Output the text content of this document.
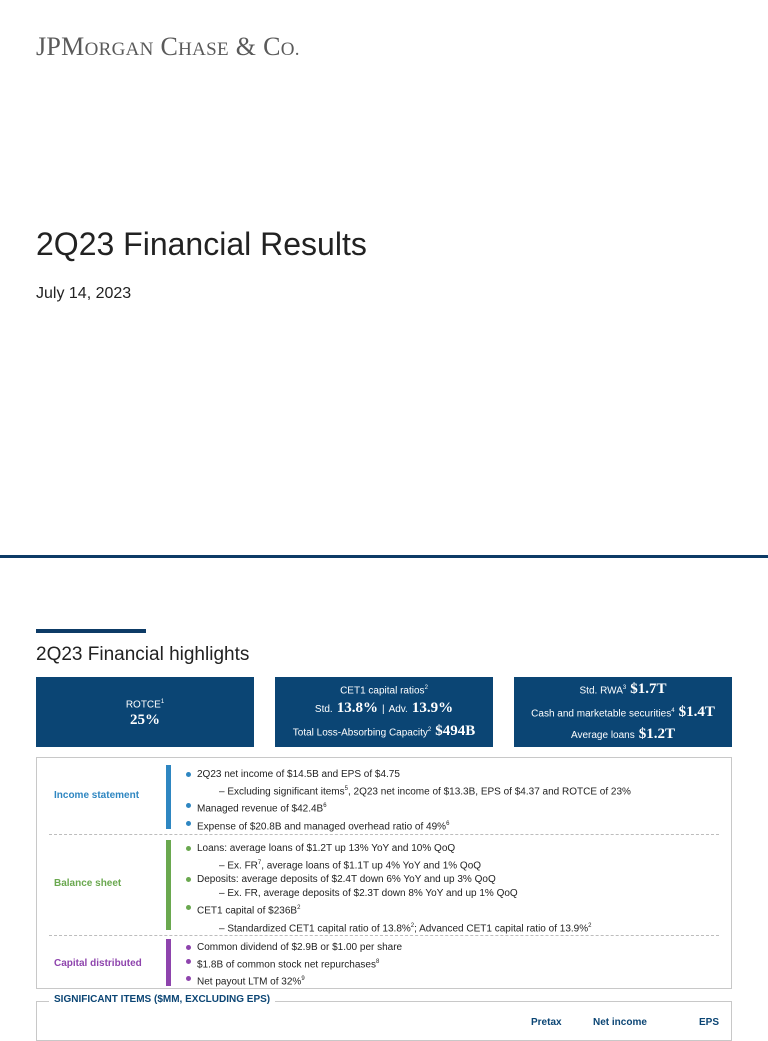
JPMORGAN CHASE & CO.
2Q23 Financial Results
July 14, 2023
2Q23 Financial highlights
ROTCE$^1$
25%
CET1 capital ratios$^2$
Std. 13.8% | Adv. 13.9%
Total Loss-Absorbing Capacity$^2$ $494B
Std. RWA$^3$ $1.7T
Cash and marketable securities$^4$ $1.4T
Average loans $1.2T
Income statement
2Q23 net income of $14.5B and EPS of $4.75
– Excluding significant items$^5$, 2Q23 net income of $13.3B, EPS of $4.37 and ROTCE of 23%
Managed revenue of $\$42.4B^6$
Expense of $20.8B and managed overhead ratio of 49%$^6$
Balance sheet
Loans: average loans of $1.2T up 13% YoY and 10% QoQ
– Ex. $FR^7$, average loans of $1.1T up 4% YoY and 1% QoQ
Deposits: average deposits of $2.4T down 6% YoY and up 3% QoQ
– Ex. FR, average deposits of $2.3T down 8% YoY and up 1% QoQ
CET1 capital of $\$236B^2$
– Standardized CET1 capital ratio of 13.8%$^2$; Advanced CET1 capital ratio of 13.9%$^2$
Capital distributed
Common dividend of $2.9B or $1.00 per share
$1.8B of common stock net repurchases$^8$
Net payout LTM of 32%$^9$
SIGNIFICANT ITEMS ($MM, EXCLUDING EPS)
Pretax	Net income	EPS
